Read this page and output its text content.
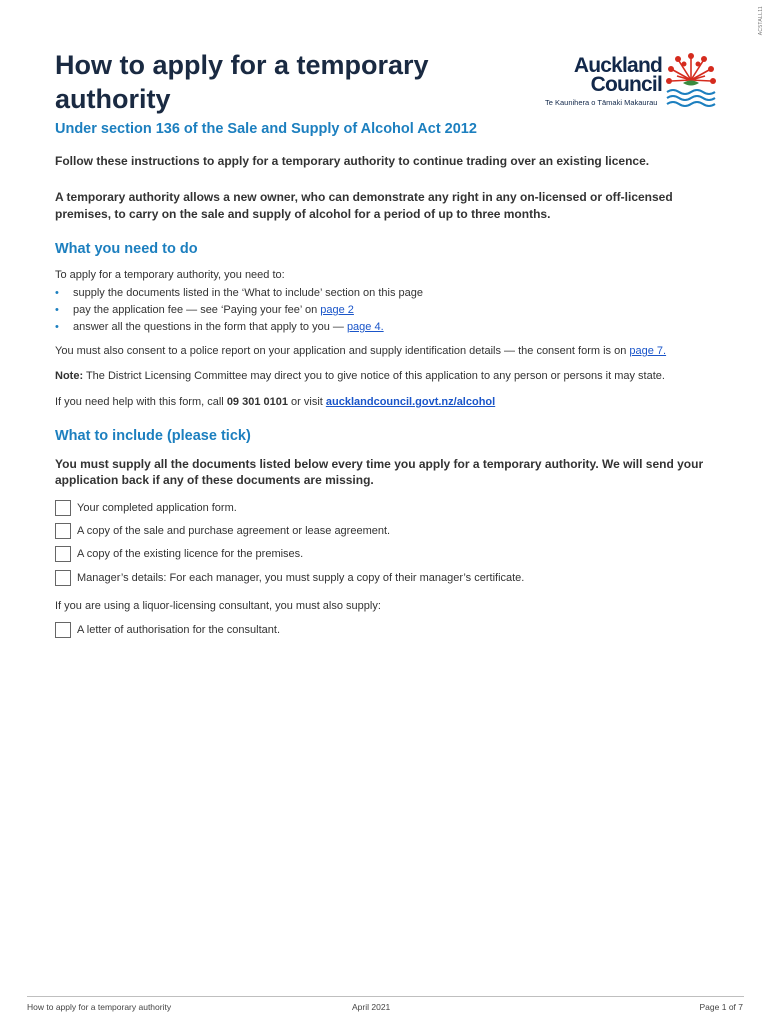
AC5TALL11
How to apply for a temporary authority
Auckland
Council
Te Kaunihera o Tāmaki Makaurau
Under section 136 of the Sale and Supply of Alcohol Act 2012

Follow these instructions to apply for a temporary authority to continue trading over an existing licence.

A temporary authority allows a new owner, who can demonstrate any right in any on-licensed or off-licensed premises, to carry on the sale and supply of alcohol for a period of up to three months.

What you need to do
To apply for a temporary authority, you need to:
• supply the documents listed in the ‘What to include’ section on this page
• pay the application fee — see ‘Paying your fee’ on page 2
• answer all the questions in the form that apply to you — page 4.
You must also consent to a police report on your application and supply identification details — the consent form is on page 7.
Note: The District Licensing Committee may direct you to give notice of this application to any person or persons it may state.
If you need help with this form, call 09 301 0101 or visit aucklandcouncil.govt.nz/alcohol
What to include (please tick)
You must supply all the documents listed below every time you apply for a temporary authority. We will send your application back if any of these documents are missing.
Your completed application form.
A copy of the sale and purchase agreement or lease agreement.
A copy of the existing licence for the premises.
Manager’s details: For each manager, you must supply a copy of their manager’s certificate.
If you are using a liquor-licensing consultant, you must also supply:
A letter of authorisation for the consultant.
How to apply for a temporary authority	April 2021	Page 1 of 7
